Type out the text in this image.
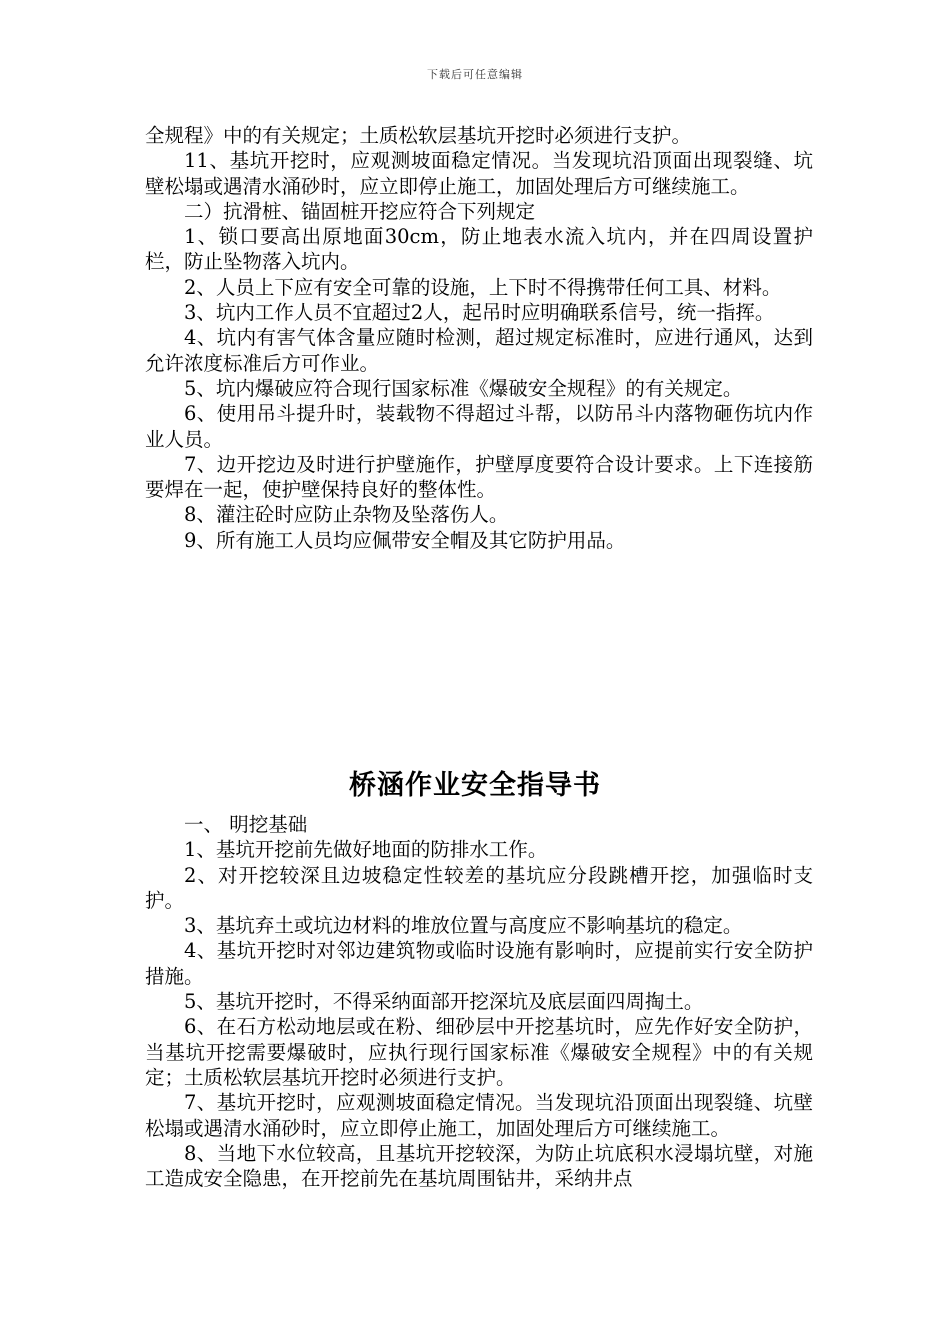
下载后可任意编辑

全规程》中的有关规定；土质松软层基坑开挖时必须进行支护。

11、基坑开挖时，应观测坡面稳定情况。当发现坑沿顶面出现裂缝、坑壁松塌或遇清水涌砂时，应立即停止施工，加固处理后方可继续施工。

二）抗滑桩、锚固桩开挖应符合下列规定

1、锁口要高出原地面30cm，防止地表水流入坑内，并在四周设置护栏，防止坠物落入坑内。

2、人员上下应有安全可靠的设施，上下时不得携带任何工具、材料。

3、坑内工作人员不宜超过2人，起吊时应明确联系信号，统一指挥。

4、坑内有害气体含量应随时检测，超过规定标准时，应进行通风，达到允许浓度标准后方可作业。

5、坑内爆破应符合现行国家标准《爆破安全规程》的有关规定。

6、使用吊斗提升时，装载物不得超过斗帮，以防吊斗内落物砸伤坑内作业人员。

7、边开挖边及时进行护壁施作，护壁厚度要符合设计要求。上下连接筋要焊在一起，使护壁保持良好的整体性。

8、灌注砼时应防止杂物及坠落伤人。

9、所有施工人员均应佩带安全帽及其它防护用品。

桥涵作业安全指导书

一、 明挖基础

1、基坑开挖前先做好地面的防排水工作。

2、对开挖较深且边坡稳定性较差的基坑应分段跳槽开挖，加强临时支护。

3、基坑弃土或坑边材料的堆放位置与高度应不影响基坑的稳定。

4、基坑开挖时对邻边建筑物或临时设施有影响时，应提前实行安全防护措施。

5、基坑开挖时，不得采纳面部开挖深坑及底层面四周掏土。

6、在石方松动地层或在粉、细砂层中开挖基坑时，应先作好安全防护，当基坑开挖需要爆破时，应执行现行国家标准《爆破安全规程》中的有关规定；土质松软层基坑开挖时必须进行支护。

7、基坑开挖时，应观测坡面稳定情况。当发现坑沿顶面出现裂缝、坑壁松塌或遇清水涌砂时，应立即停止施工，加固处理后方可继续施工。

8、当地下水位较高，且基坑开挖较深，为防止坑底积水浸塌坑壁，对施工造成安全隐患，在开挖前先在基坑周围钻井，采纳井点
